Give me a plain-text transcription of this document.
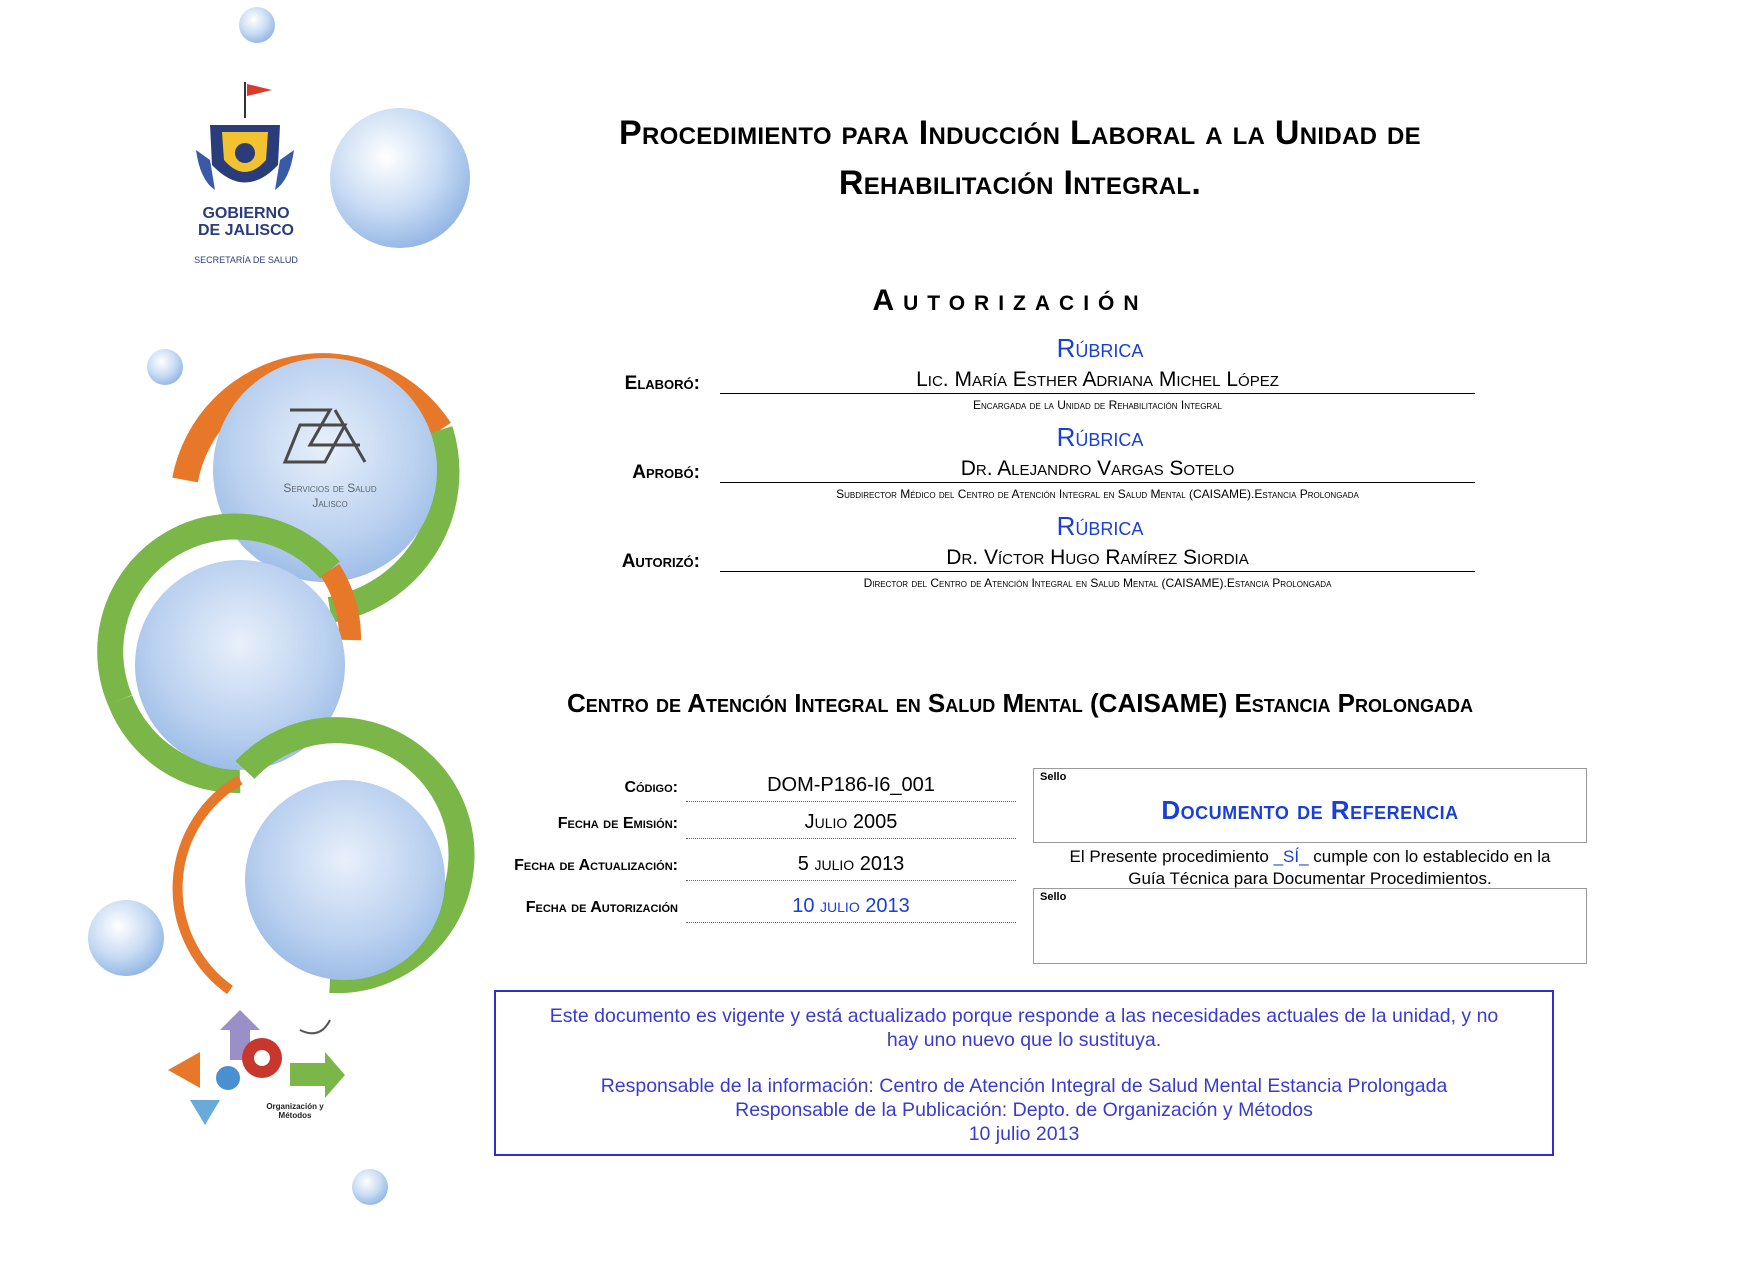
GOBIERNO
DE JALISCO
SECRETARÍA DE SALUD
Servicios de Salud
Jalisco
Organización y
Métodos
Procedimiento para Inducción Laboral a la Unidad de
Rehabilitación Integral.
Autorización
Rúbrica
Elaboró:	Lic. María Esther Adriana Michel López
Encargada de la Unidad de Rehabilitación Integral
Rúbrica
Aprobó:	Dr. Alejandro Vargas Sotelo
Subdirector Médico del Centro de Atención Integral en Salud Mental (CAISAME).Estancia Prolongada
Rúbrica
Autorizó:	Dr. Víctor Hugo Ramírez Siordia
Director del Centro de Atención Integral en Salud Mental (CAISAME).Estancia Prolongada
Centro de Atención Integral en Salud Mental (CAISAME) Estancia Prolongada
Código:	DOM-P186-I6_001
Fecha de Emisión:	Julio 2005
Fecha de Actualización:	5 julio 2013
Fecha de Autorización	10 julio 2013
Sello
Documento de Referencia
El Presente procedimiento _SÍ_ cumple con lo establecido en la
Guía Técnica para Documentar Procedimientos.
Sello
Este documento es vigente y está actualizado porque responde a las necesidades actuales de la unidad, y no
hay uno nuevo que lo sustituya.
Responsable de la información: Centro de Atención Integral de Salud Mental Estancia Prolongada
Responsable de la Publicación: Depto. de Organización y Métodos
10 julio 2013
